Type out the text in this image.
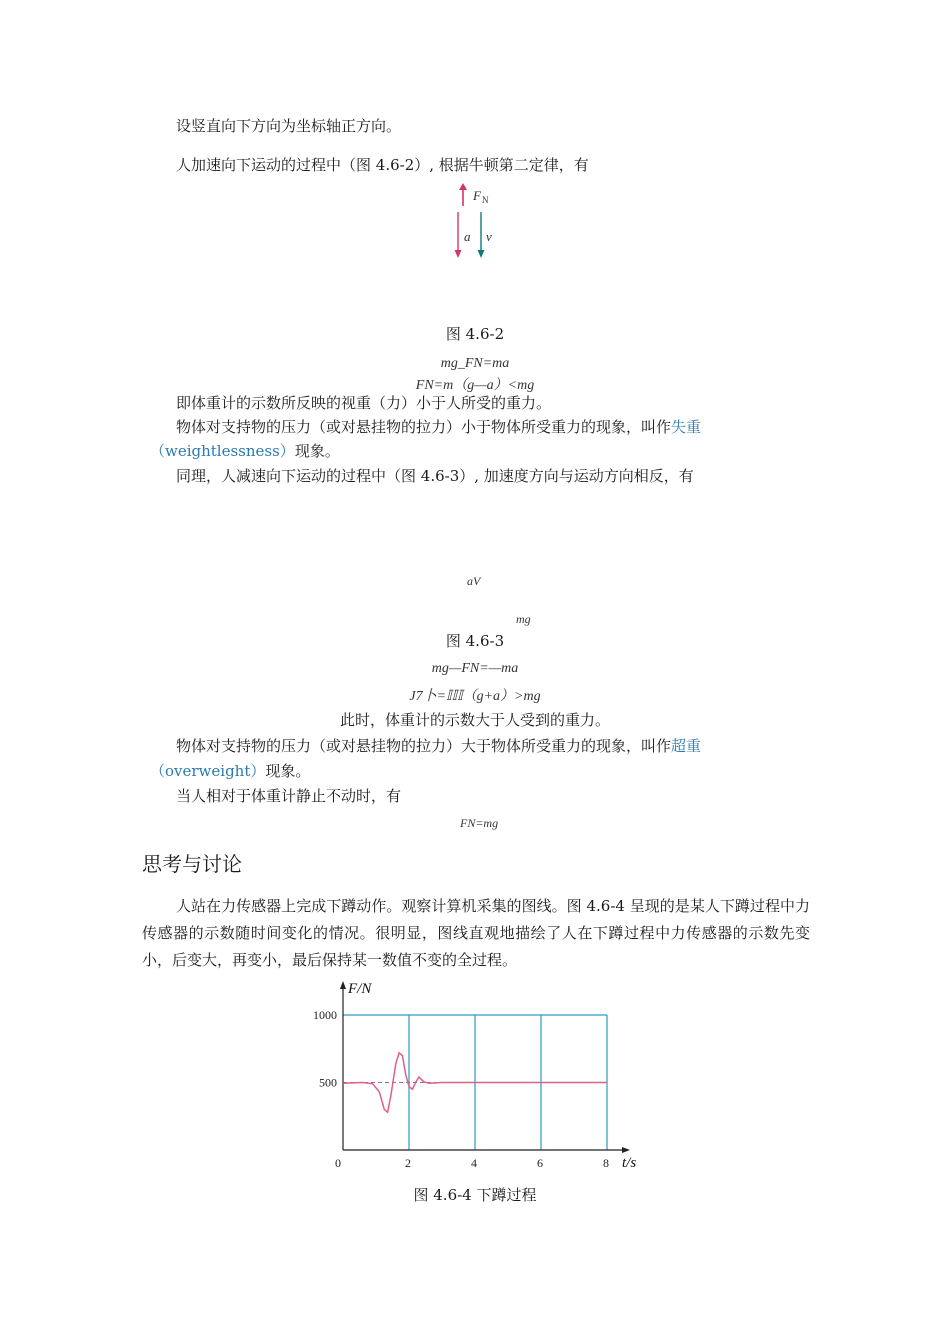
设竖直向下方向为坐标轴正方向。
人加速向下运动的过程中（图 4.6-2）, 根据牛顿第二定律，有
F N
a v
图 4.6-2
mg_FN=ma
FN=m（g—a）<mg
即体重计的示数所反映的视重（力）小于人所受的重力。
物体对支持物的压力（或对悬挂物的拉力）小于物体所受重力的现象，叫作失重
（weightlessness）现象。
同理，人减速向下运动的过程中（图 4.6-3）, 加速度方向与运动方向相反，有
aV
mg
图 4.6-3
mg—FN=—ma
J7卜=𝕀𝕀𝕀（g+a）>mg
此时，体重计的示数大于人受到的重力。
物体对支持物的压力（或对悬挂物的拉力）大于物体所受重力的现象，叫作超重
（overweight）现象。
当人相对于体重计静止不动时，有
FN=mg
思考与讨论
人站在力传感器上完成下蹲动作。观察计算机采集的图线。图 4.6-4 呈现的是某人下蹲过程中力传感器的示数随时间变化的情况。很明显，图线直观地描绘了人在下蹲过程中力传感器的示数先变小，后变大，再变小，最后保持某一数值不变的全过程。
0	2	4	6	8
500
1000
F/N
t/s
图 4.6-4 下蹲过程
